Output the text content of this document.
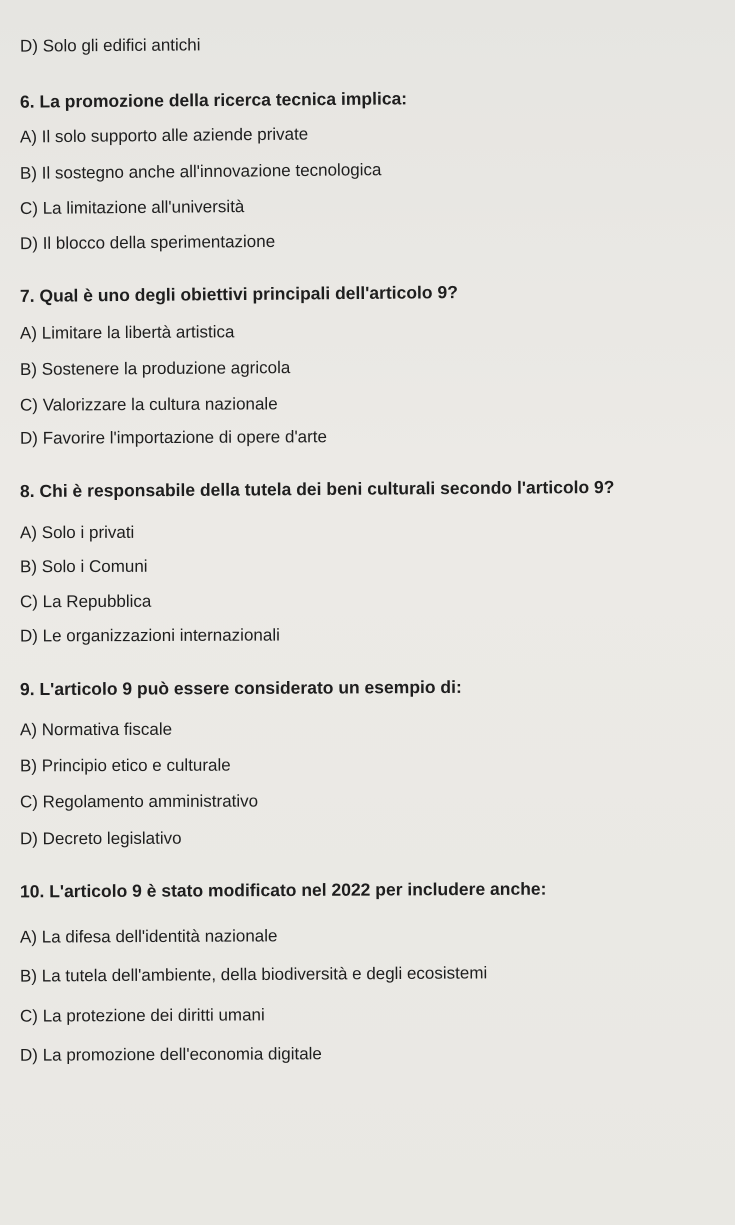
D) Solo gli edifici antichi
6. La promozione della ricerca tecnica implica:
A) Il solo supporto alle aziende private
B) Il sostegno anche all'innovazione tecnologica
C) La limitazione all'università
D) Il blocco della sperimentazione
7. Qual è uno degli obiettivi principali dell'articolo 9?
A) Limitare la libertà artistica
B) Sostenere la produzione agricola
C) Valorizzare la cultura nazionale
D) Favorire l'importazione di opere d'arte
8. Chi è responsabile della tutela dei beni culturali secondo l'articolo 9?
A) Solo i privati
B) Solo i Comuni
C) La Repubblica
D) Le organizzazioni internazionali
9. L'articolo 9 può essere considerato un esempio di:
A) Normativa fiscale
B) Principio etico e culturale
C) Regolamento amministrativo
D) Decreto legislativo
10. L'articolo 9 è stato modificato nel 2022 per includere anche:
A) La difesa dell'identità nazionale
B) La tutela dell'ambiente, della biodiversità e degli ecosistemi
C) La protezione dei diritti umani
D) La promozione dell'economia digitale
